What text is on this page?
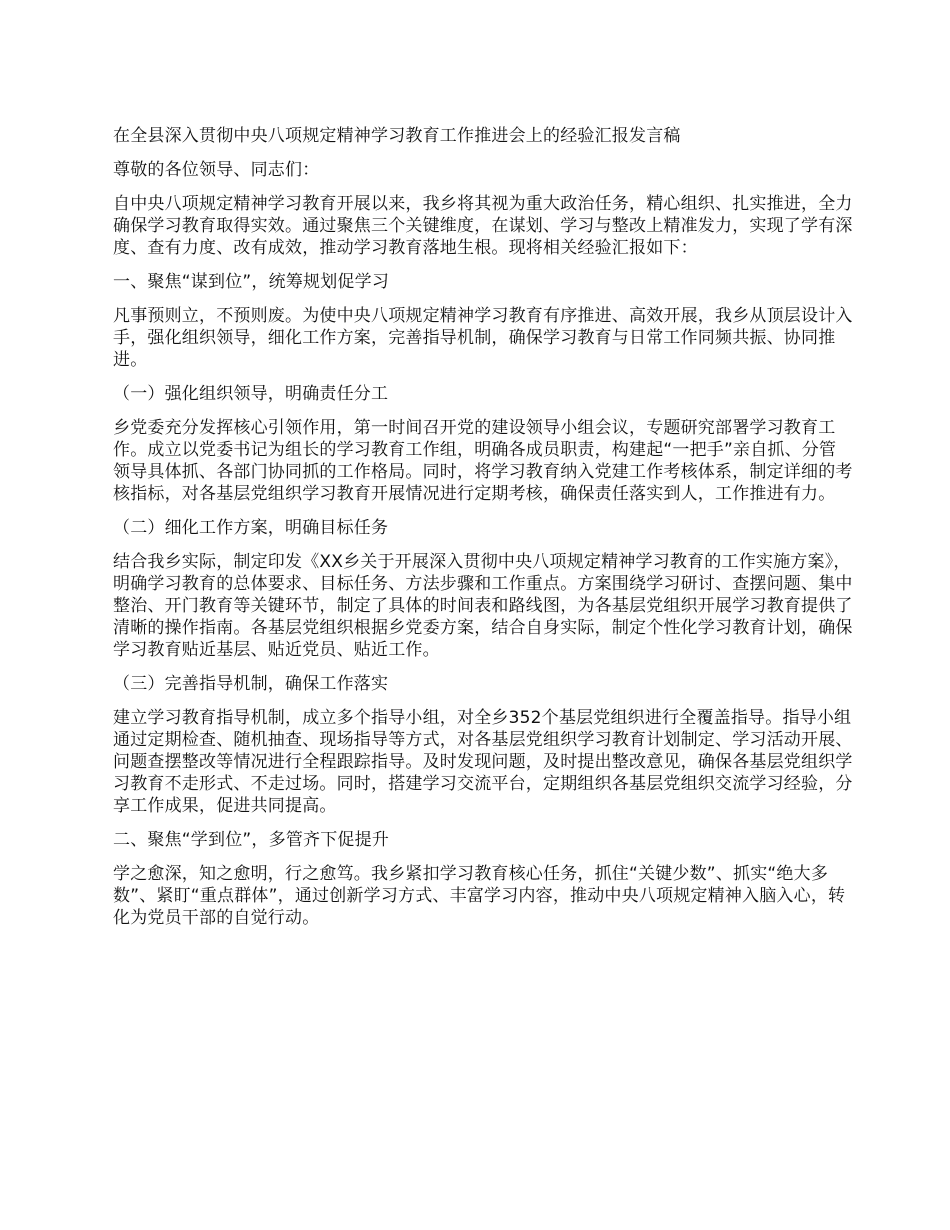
在全县深入贯彻中央八项规定精神学习教育工作推进会上的经验汇报发言稿

尊敬的各位领导、同志们：

自中央八项规定精神学习教育开展以来，我乡将其视为重大政治任务，精心组织、扎实推进，全力确保学习教育取得实效。通过聚焦三个关键维度，在谋划、学习与整改上精准发力，实现了学有深度、查有力度、改有成效，推动学习教育落地生根。现将相关经验汇报如下：

一、聚焦“谋到位”，统筹规划促学习

凡事预则立，不预则废。为使中央八项规定精神学习教育有序推进、高效开展，我乡从顶层设计入手，强化组织领导，细化工作方案，完善指导机制，确保学习教育与日常工作同频共振、协同推进。

（一）强化组织领导，明确责任分工

乡党委充分发挥核心引领作用，第一时间召开党的建设领导小组会议，专题研究部署学习教育工作。成立以党委书记为组长的学习教育工作组，明确各成员职责，构建起“一把手”亲自抓、分管领导具体抓、各部门协同抓的工作格局。同时，将学习教育纳入党建工作考核体系，制定详细的考核指标，对各基层党组织学习教育开展情况进行定期考核，确保责任落实到人，工作推进有力。

（二）细化工作方案，明确目标任务

结合我乡实际，制定印发《XX乡关于开展深入贯彻中央八项规定精神学习教育的工作实施方案》，明确学习教育的总体要求、目标任务、方法步骤和工作重点。方案围绕学习研讨、查摆问题、集中整治、开门教育等关键环节，制定了具体的时间表和路线图，为各基层党组织开展学习教育提供了清晰的操作指南。各基层党组织根据乡党委方案，结合自身实际，制定个性化学习教育计划，确保学习教育贴近基层、贴近党员、贴近工作。

（三）完善指导机制，确保工作落实

建立学习教育指导机制，成立多个指导小组，对全乡352个基层党组织进行全覆盖指导。指导小组通过定期检查、随机抽查、现场指导等方式，对各基层党组织学习教育计划制定、学习活动开展、问题查摆整改等情况进行全程跟踪指导。及时发现问题，及时提出整改意见，确保各基层党组织学习教育不走形式、不走过场。同时，搭建学习交流平台，定期组织各基层党组织交流学习经验，分享工作成果，促进共同提高。

二、聚焦“学到位”，多管齐下促提升

学之愈深，知之愈明，行之愈笃。我乡紧扣学习教育核心任务，抓住“关键少数”、抓实“绝大多数”、紧盯“重点群体”，通过创新学习方式、丰富学习内容，推动中央八项规定精神入脑入心，转化为党员干部的自觉行动。
